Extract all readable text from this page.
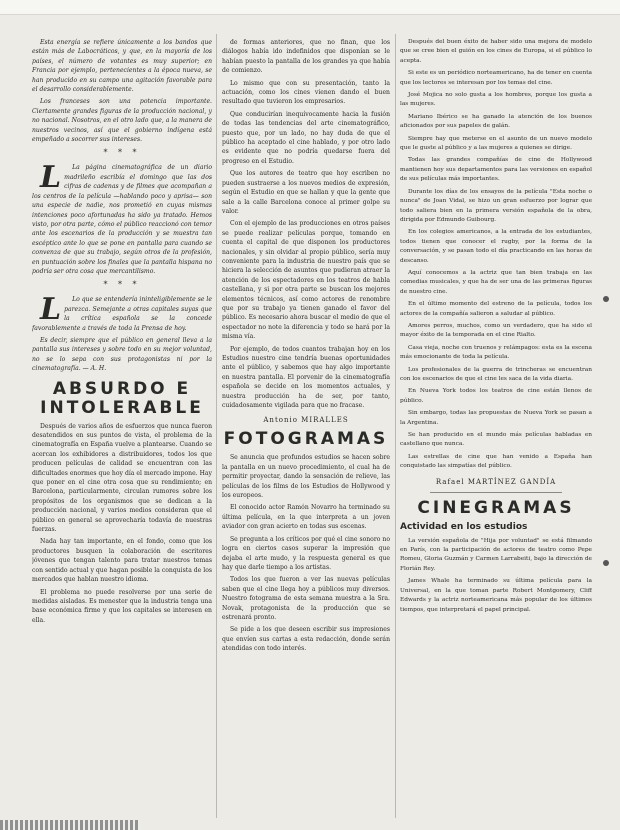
Esta energía se refiere únicamente a los bandos que están más de Labocráticos, y que, en la mayoría de los países, el número de votantes es muy superior; en Francia por ejemplo, pertenecientes a la época nueva, se han producido en su campo una agitación favorable para el desarrollo considerablemente.

Los franceses son una potencia importante. Ciertamente grandes figuras de la producción nacional, y no nacional. Nosotros, en el otro lado que, a la manera de nuestros vecinos, así que el gobierno indígena está empeñado a socorrer sus intereses.

* * *

L La página cinematográfica de un diario madrileño escribía el domingo que las dos cifras de cadenas y de filmes que acompañan a los centros de la película —hablando poco y aprisa— son una especie de nadie, nos prometió en cuyas mismas intenciones poco afortunadas ha sido ya tratado. Hemos visto, por otra parte, cómo el público reaccionó con temor ante los escenarios de la producción y se muestra tan escéptico ante lo que se pone en pantalla para cuando se convenza de que su trabajo, según otros de la profesión, en puntuación sobre los finales que la pantalla hispana no podría ser otra cosa que mercantilismo.

* * *

L Lo que se entendería ininteligiblemente se le parezca. Semejante a otras capitales suyas que la crítica española se la concede favorablemente a través de toda la Prensa de hoy.

Es decir, siempre que el público en general lleva a la pantalla sus intereses y sobre todo en su mejor voluntad, no se lo sepa con sus protagonistas ni por la cinematografía. — A. H.

ABSURDO E INTOLERABLE

Después de varios años de esfuerzos que nunca fueron desatendidos en sus puntos de vista, el problema de la cinematografía en España vuelve a plantearse. Cuando se acercan los exhibidores a distribuidores, todos los que producen películas de calidad se encuentran con las dificultades enormes que hoy día el mercado impone. Hay que poner en el cine otra cosa que su rendimiento; en Barcelona, particularmente, circulan rumores sobre los propósitos de los organismos que se dedican a la producción nacional, y varios medios consideran que el público en general se aprovecharía todavía de nuestras fuerzas.

Nada hay tan importante, en el fondo, como que los productores busquen la colaboración de escritores jóvenes que tengan talento para tratar nuestros temas con sentido actual y que hagan posible la conquista de los mercados que hablan nuestro idioma.

El problema no puede resolverse por una serie de medidas aisladas. Es menester que la industria tenga una base económica firme y que los capitales se interesen en ella.

de formas anteriores, que no finan, que los diálogos había ido indefinidos que disponían se le habían puesto la pantalla de los grandes ya que había de comienzo.

Lo mismo que con su presentación, tanto la actuación, como los cines vienen dando el buen resultado que tuvieron los empresarios.

Que conducirían inequívocamente hacia la fusión de todas las tendencias del arte cinematográfico, puesto que, por un lado, no hay duda de que el público ha aceptado el cine hablado, y por otro lado es evidente que no podría quedarse fuera del progreso en el Estudio.

Que los autores de teatro que hoy escriben no pueden sustraerse a los nuevos medios de expresión, según el Estudio en que se hallan y que la gente que sale a la calle Barcelona conoce al primer golpe su valor.

Con el ejemplo de las producciones en otros países se puede realizar películas porque, tomando en cuenta el capital de que disponen los productores nacionales, y sin olvidar al propio público, sería muy conveniente para la industria de nuestro país que se hiciera la selección de asuntos que pudieran atraer la atención de los espectadores en los teatros de habla castellana, y si por otra parte se buscan los mejores elementos técnicos, así como actores de renombre que por su trabajo ya tienen ganado el favor del público. Es necesario ahora buscar el medio de que el espectador no note la diferencia y todo se hará por la misma vía.

Por ejemplo, de todos cuantos trabajan hoy en los Estudios nuestro cine tendría buenas oportunidades ante el público, y sabemos que hay algo importante en nuestra pantalla. El porvenir de la cinematografía española se decide en los momentos actuales, y nuestra producción ha de ser, por tanto, cuidadosamente vigilada para que no fracase.

Antonio MIRALLES
FOTOGRAMAS

Se anuncia que profundos estudios se hacen sobre la pantalla en un nuevo procedimiento, el cual ha de permitir proyectar, dando la sensación de relieve, las películas de los films de los Estudios de Hollywood y los europeos.

El conocido actor Ramón Novarro ha terminado su última película, en la que interpreta a un joven aviador con gran acierto en todas sus escenas.

Se pregunta a los críticos por qué el cine sonoro no logra en ciertos casos superar la impresión que dejaba el arte mudo, y la respuesta general es que hay que darle tiempo a los artistas.

Todos los que fueron a ver las nuevas películas saben que el cine llega hoy a públicos muy diversos. Nuestro fotograma de esta semana muestra a la Sra. Novak, protagonista de la producción que se estrenará pronto.

Se pide a los que deseen escribir sus impresiones que envíen sus cartas a esta redacción, donde serán atendidas con todo interés.

Después del buen éxito de haber sido una mejora de modelo que se cree bien el guión en los cines de Europa, si el público lo acepta.

Si este es un periódico norteamericano, ha de tener en cuenta que los lectores se interesan por los temas del cine.

José Mojica no solo gusta a los hombres, porque los gusta a las mujeres.

Mariano Ibérico se ha ganado la atención de los buenos aficionados por sus papeles de galán.

Siempre hay que meterse en el asunto de un nuevo modelo que le guste al público y a las mujeres a quienes se dirige.

Todas las grandes compañías de cine de Hollywood mantienen hoy sus departamentos para las versiones en español de sus películas más importantes.

Durante los días de los ensayos de la película "Esta noche o nunca" de Joan Vidal, se hizo un gran esfuerzo por lograr que todo saliera bien en la primera versión española de la obra, dirigida por Edmundo Guibourg.

En los colegios americanos, a la entrada de los estudiantes, todos tienen que conocer el rugby, por la forma de la conversación, y se pasan todo el día practicando en las horas de descanso.

Aquí conocemos a la actriz que tan bien trabaja en las comedias musicales, y que ha de ser una de las primeras figuras de nuestro cine.

En el último momento del estreno de la película, todos los actores de la compañía salieron a saludar al público.

Amores perros, muchos, como un verdadero, que ha sido el mayor éxito de la temporada en el cine Rialto.

Casa vieja, noche con truenos y relámpagos: esta es la escena más emocionante de toda la película.

Los profesionales de la guerra de trincheras se encuentran con los escenarios de que el cine les saca de la vida diaria.

En Nueva York todos los teatros de cine están llenos de público.

Sin embargo, todas las propuestas de Nueva York se pasan a la Argentina.

Se han producido en el mundo más películas habladas en castellano que nunca.

Las estrellas de cine que han venido a España han conquistado las simpatías del público.

Rafael MARTÍNEZ GANDÍA
CINEGRAMAS
Actividad en los estudios

La versión española de "Hija por voluntad" se está filmando en París, con la participación de actores de teatro como Pepe Romeu, Gloria Guzmán y Carmen Larrabeiti, bajo la dirección de Florián Rey.

James Whale ha terminado su última película para la Universal, en la que toman parte Robert Montgomery, Cliff Edwards y la actriz norteamericana más popular de los últimos tiempos, que interpretará el papel principal.
